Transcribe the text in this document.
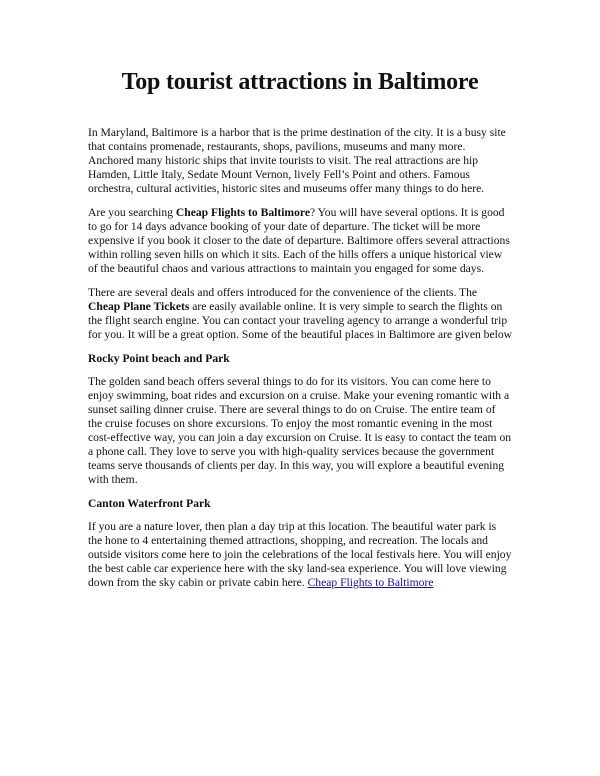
Top tourist attractions in Baltimore

In Maryland, Baltimore is a harbor that is the prime destination of the city. It is a busy site that contains promenade, restaurants, shops, pavilions, museums and many more. Anchored many historic ships that invite tourists to visit. The real attractions are hip Hamden, Little Italy, Sedate Mount Vernon, lively Fell’s Point and others. Famous orchestra, cultural activities, historic sites and museums offer many things to do here.

Are you searching Cheap Flights to Baltimore? You will have several options. It is good to go for 14 days advance booking of your date of departure. The ticket will be more expensive if you book it closer to the date of departure. Baltimore offers several attractions within rolling seven hills on which it sits. Each of the hills offers a unique historical view of the beautiful chaos and various attractions to maintain you engaged for some days.

There are several deals and offers introduced for the convenience of the clients. The Cheap Plane Tickets are easily available online. It is very simple to search the flights on the flight search engine. You can contact your traveling agency to arrange a wonderful trip for you. It will be a great option. Some of the beautiful places in Baltimore are given below

Rocky Point beach and Park

The golden sand beach offers several things to do for its visitors. You can come here to enjoy swimming, boat rides and excursion on a cruise. Make your evening romantic with a sunset sailing dinner cruise. There are several things to do on Cruise. The entire team of the cruise focuses on shore excursions. To enjoy the most romantic evening in the most cost-effective way, you can join a day excursion on Cruise. It is easy to contact the team on a phone call. They love to serve you with high-quality services because the government teams serve thousands of clients per day. In this way, you will explore a beautiful evening with them.

Canton Waterfront Park

If you are a nature lover, then plan a day trip at this location. The beautiful water park is the hone to 4 entertaining themed attractions, shopping, and recreation. The locals and outside visitors come here to join the celebrations of the local festivals here. You will enjoy the best cable car experience here with the sky land-sea experience. You will love viewing down from the sky cabin or private cabin here. Cheap Flights to Baltimore
